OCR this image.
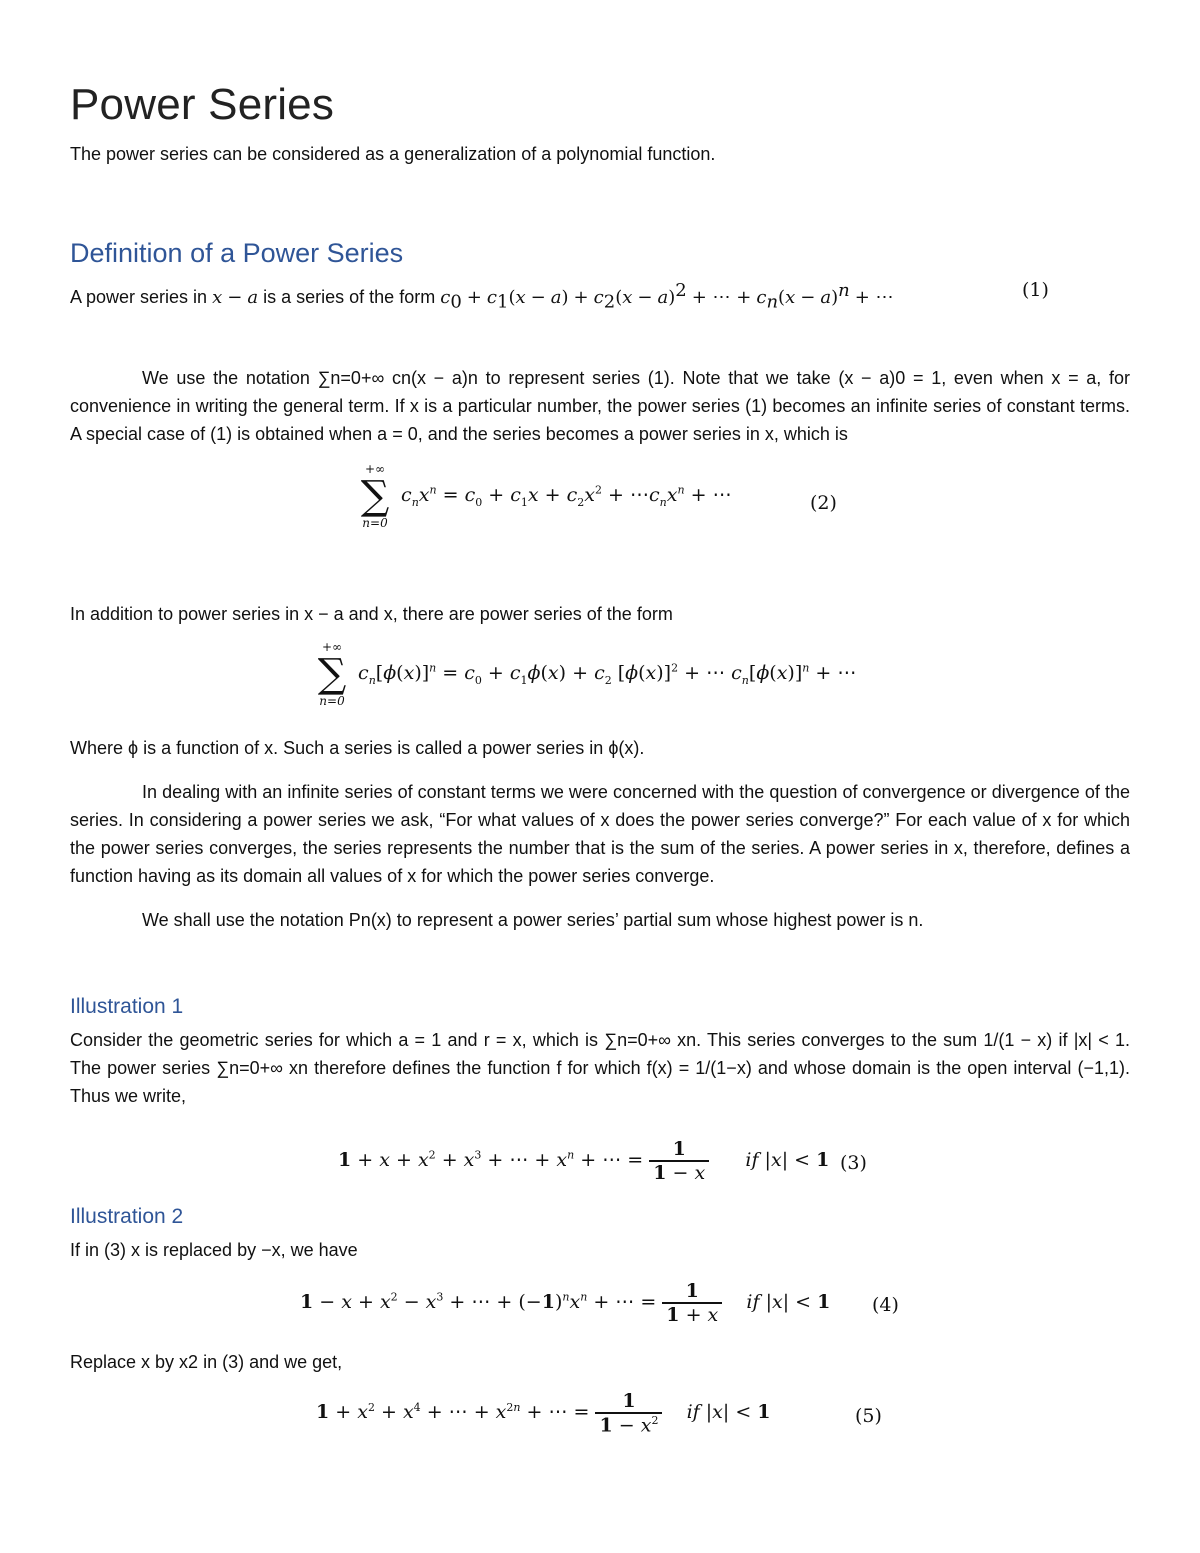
Power Series
The power series can be considered as a generalization of a polynomial function.
Definition of a Power Series
A power series in x − a is a series of the form $c_0 + c_1(x - a) + c_2(x - a)^2$ + ⋯ + $c_n(x - a)^n$ + ⋯	(1)
We use the notation ∑n=0+∞ cn(x − a)n to represent series (1). Note that we take (x − a)0 = 1, even when x = a, for convenience in writing the general term. If x is a particular number, the power series (1) becomes an infinite series of constant terms. A special case of (1) is obtained when a = 0, and the series becomes a power series in x, which is
+∞
∑
n=0
$c_nx^n = c_0 + c_1x + c_2x^2$ + $\cdots c_nx^n$ + ⋯	(2)
In addition to power series in x − a and x, there are power series of the form
+∞
∑
n=0
$c_n[\phi(x)]^n = c_0 + c_1\phi(x) + c_2$ $[\phi(x)]^2$ + ⋯ $c_n[\phi(x)]^n$ + ⋯
Where ϕ is a function of x. Such a series is called a power series in ϕ(x).
In dealing with an infinite series of constant terms we were concerned with the question of convergence or divergence of the series. In considering a power series we ask, “For what values of x does the power series converge?” For each value of x for which the power series converges, the series represents the number that is the sum of the series. A power series in x, therefore, defines a function having as its domain all values of x for which the power series converge.
We shall use the notation Pn(x) to represent a power series’ partial sum whose highest power is n.
Illustration 1
Consider the geometric series for which a = 1 and r = x, which is ∑n=0+∞ xn. This series converges to the sum 1/(1 − x) if |x| < 1. The power series ∑n=0+∞ xn therefore defines the function f for which f(x) = 1/(1−x) and whose domain is the open interval (−1,1). Thus we write,
$1 + x + x^2 + x^3$ + ⋯ + $x^n$ + ⋯ = $\frac{1}{1 - x}$ if |x| < 1 (3)
Illustration 2
If in (3) x is replaced by −x, we have
$1 - x + x^2 - x^3$ + ⋯ + $(-1)^nx^n$ + ⋯ = $\frac{1}{1 + x}$ if |x| < 1 (4)
Replace x by x2 in (3) and we get,
$1 + x^2 + x^4$ + ⋯ + $x^{2n}$ + ⋯ = $\frac{1}{1 - x^2}$ if |x| < 1	(5)
